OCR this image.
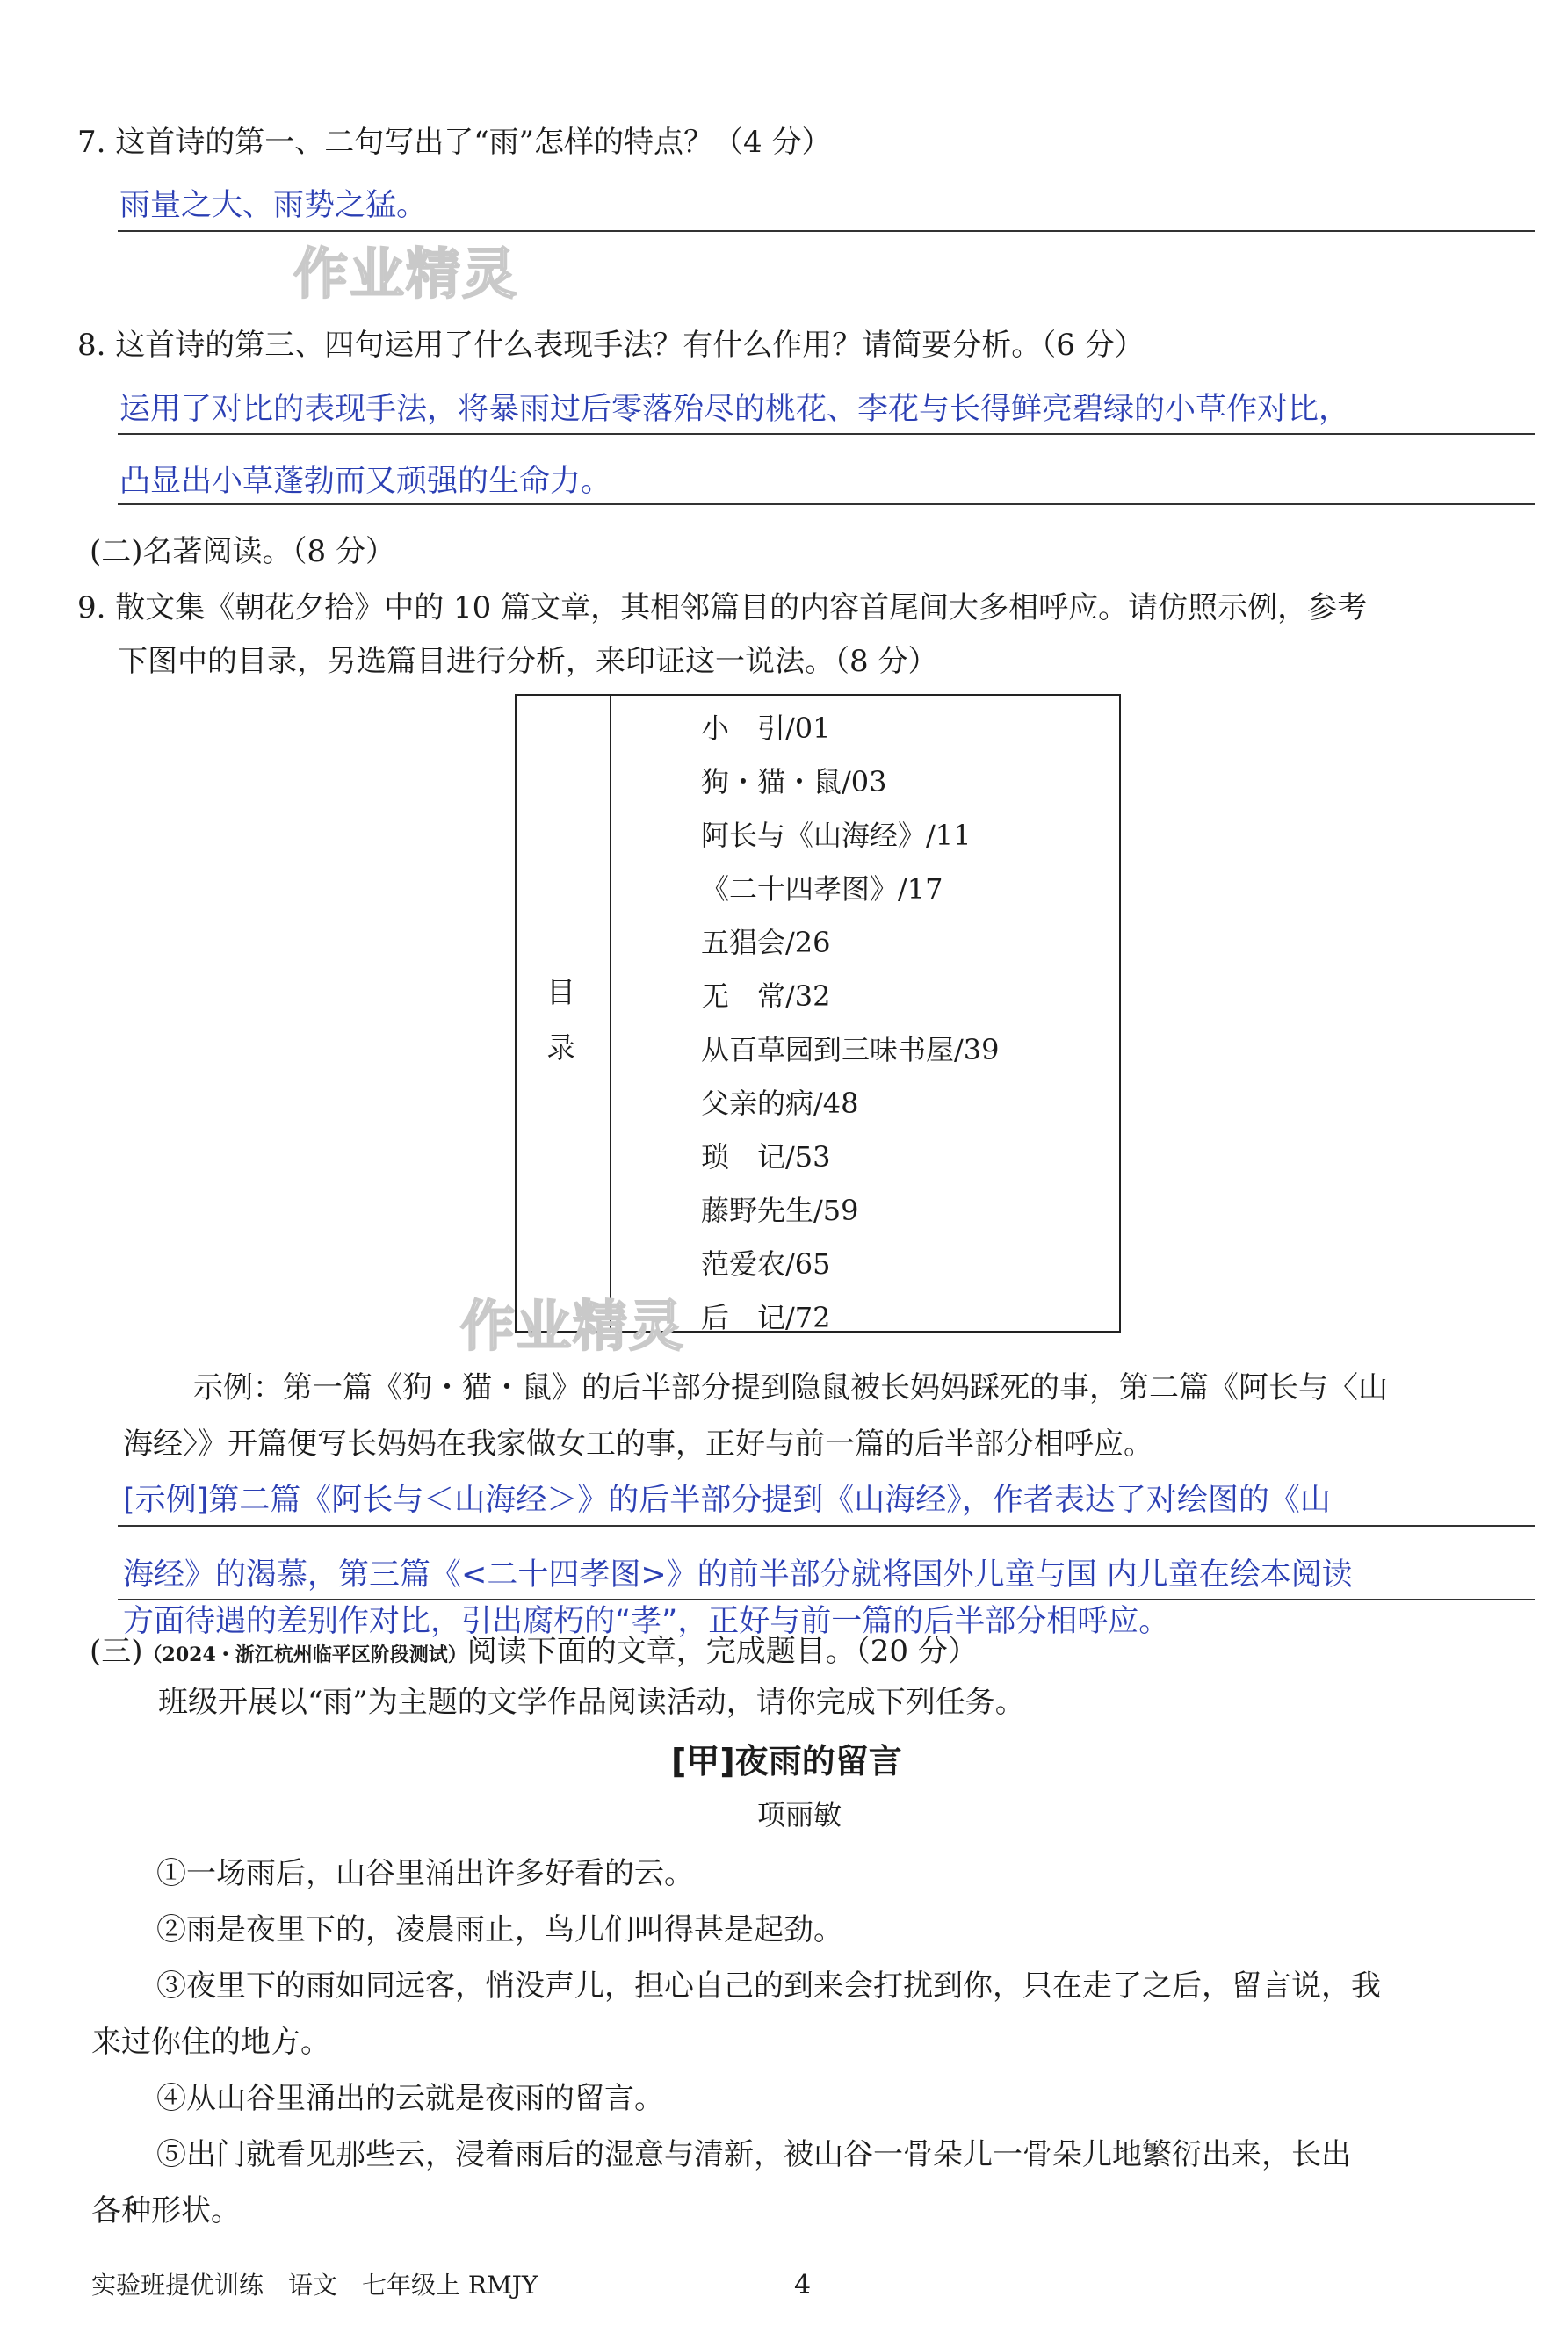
7. 这首诗的第一、二句写出了“雨”怎样的特点？（4 分）
雨量之大、雨势之猛。
作业精灵
8. 这首诗的第三、四句运用了什么表现手法？有什么作用？请简要分析。（6 分）
运用了对比的表现手法，将暴雨过后零落殆尽的桃花、李花与长得鲜亮碧绿的小草作对比，
凸显出小草蓬勃而又顽强的生命力。
(二)名著阅读。（8 分）
9. 散文集《朝花夕拾》中的 10 篇文章，其相邻篇目的内容首尾间大多相呼应。请仿照示例，参考
下图中的目录，另选篇目进行分析，来印证这一说法。（8 分）
目
录
小　引/01
狗・猫・鼠/03
阿长与《山海经》/11
《二十四孝图》/17
五猖会/26
无　常/32
从百草园到三味书屋/39
父亲的病/48
琐　记/53
藤野先生/59
范爱农/65
后　记/72
作业精灵
示例：第一篇《狗・猫・鼠》的后半部分提到隐鼠被长妈妈踩死的事，第二篇《阿长与〈山
海经〉》开篇便写长妈妈在我家做女工的事，正好与前一篇的后半部分相呼应。
[示例]第二篇《阿长与＜山海经＞》的后半部分提到《山海经》，作者表达了对绘图的《山
海经》的渴慕，第三篇《<二十四孝图>》的前半部分就将国外儿童与国 内儿童在绘本阅读
方面待遇的差别作对比，引出腐朽的“孝”，正好与前一篇的后半部分相呼应。
(三)（2024・浙江杭州临平区阶段测试）阅读下面的文章，完成题目。（20 分）
班级开展以“雨”为主题的文学作品阅读活动，请你完成下列任务。
[甲]夜雨的留言
项丽敏
①一场雨后，山谷里涌出许多好看的云。
②雨是夜里下的，凌晨雨止，鸟儿们叫得甚是起劲。
③夜里下的雨如同远客，悄没声儿，担心自己的到来会打扰到你，只在走了之后，留言说，我
来过你住的地方。
④从山谷里涌出的云就是夜雨的留言。
⑤出门就看见那些云，浸着雨后的湿意与清新，被山谷一骨朵儿一骨朵儿地繁衍出来，长出
各种形状。
实验班提优训练　语文　七年级上 RMJY	4
